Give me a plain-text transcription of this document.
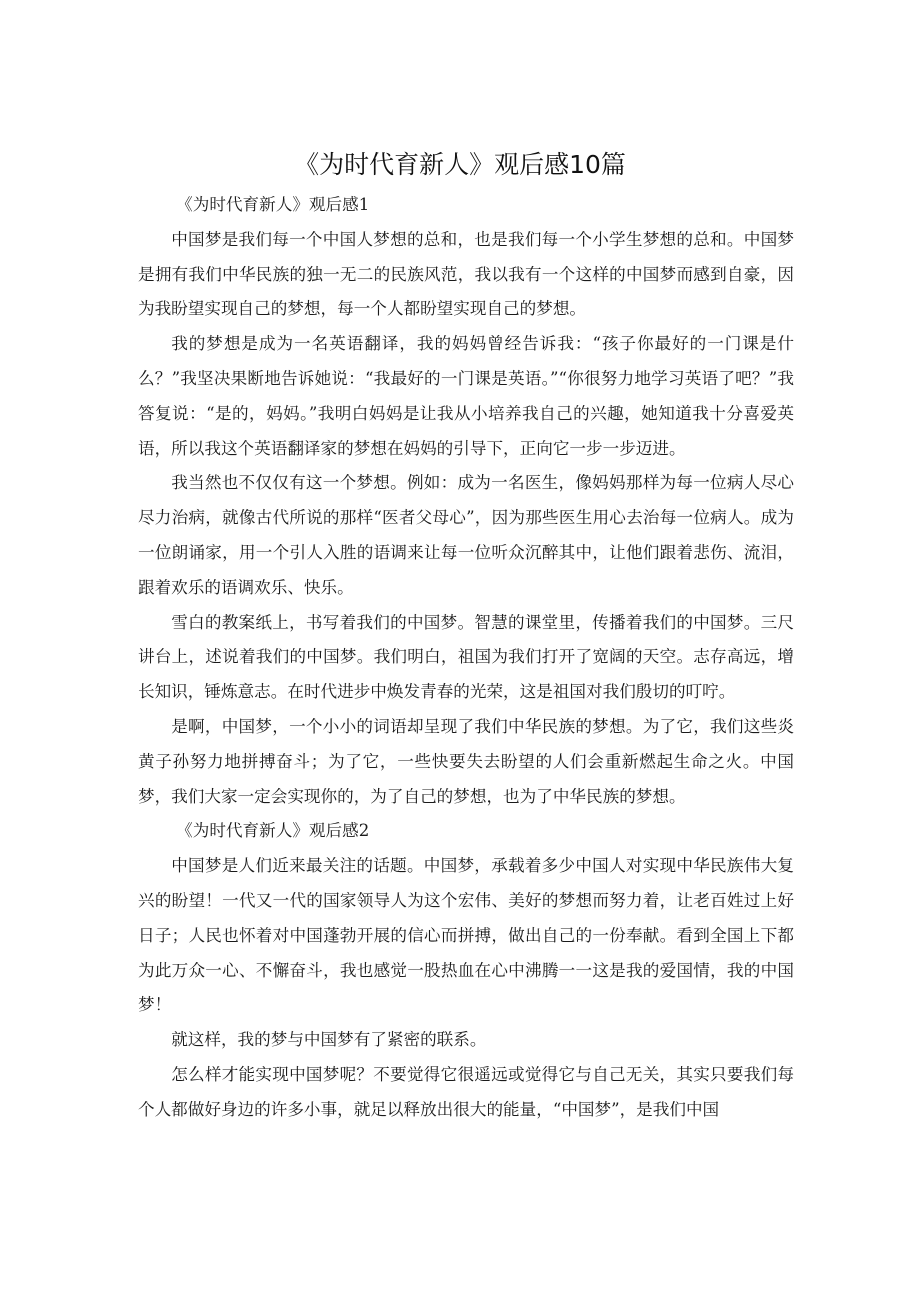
《为时代育新人》观后感10篇

《为时代育新人》观后感1

中国梦是我们每一个中国人梦想的总和，也是我们每一个小学生梦想的总和。中国梦是拥有我们中华民族的独一无二的民族风范，我以我有一个这样的中国梦而感到自豪，因为我盼望实现自己的梦想，每一个人都盼望实现自己的梦想。

我的梦想是成为一名英语翻译，我的妈妈曾经告诉我：“孩子你最好的一门课是什么？”我坚决果断地告诉她说：“我最好的一门课是英语。”“你很努力地学习英语了吧？”我答复说：“是的，妈妈。”我明白妈妈是让我从小培养我自己的兴趣，她知道我十分喜爱英语，所以我这个英语翻译家的梦想在妈妈的引导下，正向它一步一步迈进。

我当然也不仅仅有这一个梦想。例如：成为一名医生，像妈妈那样为每一位病人尽心尽力治病，就像古代所说的那样“医者父母心”，因为那些医生用心去治每一位病人。成为一位朗诵家，用一个引人入胜的语调来让每一位听众沉醉其中，让他们跟着悲伤、流泪，跟着欢乐的语调欢乐、快乐。

雪白的教案纸上，书写着我们的中国梦。智慧的课堂里，传播着我们的中国梦。三尺讲台上，述说着我们的中国梦。我们明白，祖国为我们打开了宽阔的天空。志存高远，增长知识，锤炼意志。在时代进步中焕发青春的光荣，这是祖国对我们殷切的叮咛。

是啊，中国梦，一个小小的词语却呈现了我们中华民族的梦想。为了它，我们这些炎黄子孙努力地拼搏奋斗；为了它，一些快要失去盼望的人们会重新燃起生命之火。中国梦，我们大家一定会实现你的，为了自己的梦想，也为了中华民族的梦想。

《为时代育新人》观后感2

中国梦是人们近来最关注的话题。中国梦，承载着多少中国人对实现中华民族伟大复兴的盼望！一代又一代的国家领导人为这个宏伟、美好的梦想而努力着，让老百姓过上好日子；人民也怀着对中国蓬勃开展的信心而拼搏，做出自己的一份奉献。看到全国上下都为此万众一心、不懈奋斗，我也感觉一股热血在心中沸腾一一这是我的爱国情，我的中国梦！

就这样，我的梦与中国梦有了紧密的联系。

怎么样才能实现中国梦呢？不要觉得它很遥远或觉得它与自己无关，其实只要我们每个人都做好身边的许多小事，就足以释放出很大的能量，“中国梦”，是我们中国
